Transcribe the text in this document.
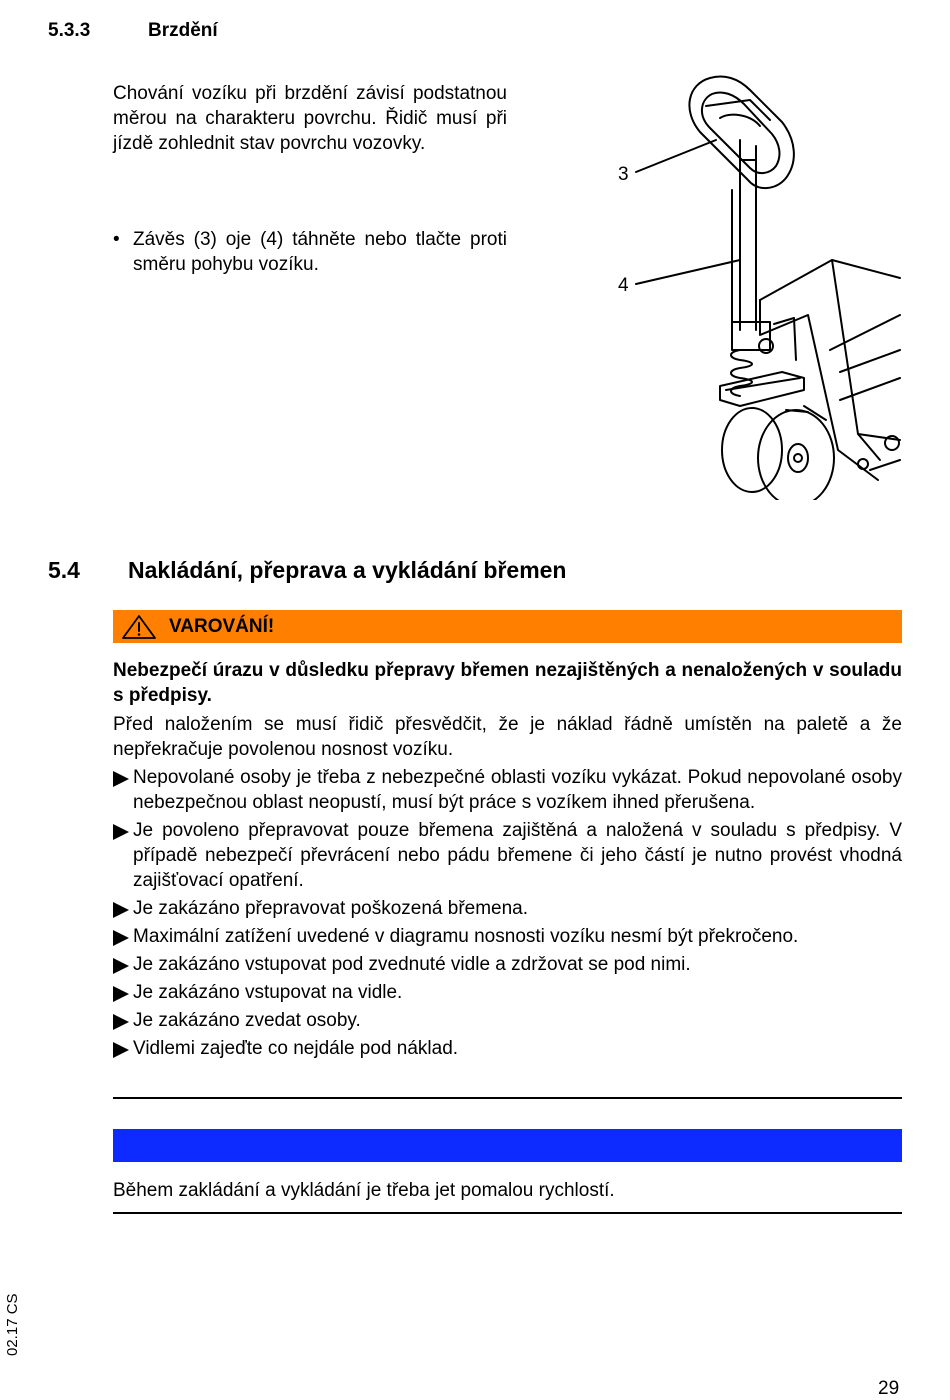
5.3.3	Brzdění
Chování vozíku při brzdění závisí podstatnou měrou na charakteru povrchu. Řidič musí při jízdě zohlednit stav povrchu vozovky.
• Závěs (3) oje (4) táhněte nebo tlačte proti směru pohybu vozíku.
3
4
5.4 Nakládání, přeprava a vykládání břemen
VAROVÁNÍ!
Nebezpečí úrazu v důsledku přepravy břemen nezajištěných a nenaložených v souladu s předpisy.
Před naložením se musí řidič přesvědčit, že je náklad řádně umístěn na paletě a že nepřekračuje povolenou nosnost vozíku.
Nepovolané osoby je třeba z nebezpečné oblasti vozíku vykázat. Pokud nepovolané osoby nebezpečnou oblast neopustí, musí být práce s vozíkem ihned přerušena.
Je povoleno přepravovat pouze břemena zajištěná a naložená v souladu s předpisy. V případě nebezpečí převrácení nebo pádu břemene či jeho částí je nutno provést vhodná zajišťovací opatření.
Je zakázáno přepravovat poškozená břemena.
Maximální zatížení uvedené v diagramu nosnosti vozíku nesmí být překročeno.
Je zakázáno vstupovat pod zvednuté vidle a zdržovat se pod nimi.
Je zakázáno vstupovat na vidle.
Je zakázáno zvedat osoby.
Vidlemi zajeďte co nejdále pod náklad.
Během zakládání a vykládání je třeba jet pomalou rychlostí.
02.17 CS
29
